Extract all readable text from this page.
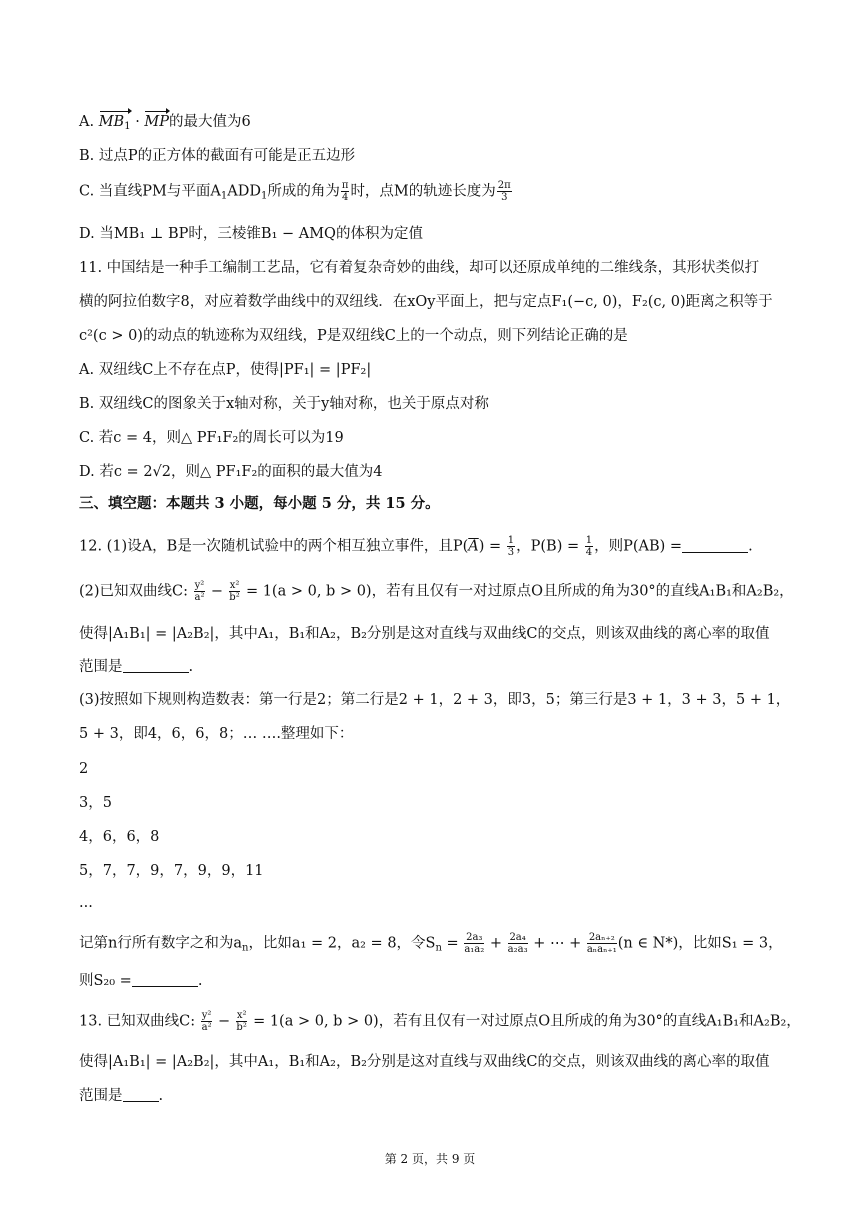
A. $MB_1$ · MP的最大值为6
B. 过点P的正方体的截面有可能是正五边形
C. 当直线PM与平面$A_1ADD_1$所成的角为 $\frac{\pi}{4}$ 时，点M的轨迹长度为 $\frac{2\pi}{3}$
D. 当MB₁ ⊥ BP时，三棱锥B₁ − AMQ的体积为定值
11. 中国结是一种手工编制工艺品，它有着复杂奇妙的曲线，却可以还原成单纯的二维线条，其形状类似打
横的阿拉伯数字8，对应着数学曲线中的双纽线．在xOy平面上，把与定点F₁(−c, 0)，F₂(c, 0)距离之积等于
c²(c > 0)的动点的轨迹称为双纽线，P是双纽线C上的一个动点，则下列结论正确的是
A. 双纽线C上不存在点P，使得|PF₁| = |PF₂|
B. 双纽线C的图象关于x轴对称，关于y轴对称，也关于原点对称
C. 若c = 4，则△ PF₁F₂的周长可以为19
D. 若c = 2√2，则△ PF₁F₂的面积的最大值为4
三、填空题：本题共 3 小题，每小题 5 分，共 15 分。
12. (1)设A，B是一次随机试验中的两个相互独立事件，且$P(\overline{A}) = \frac{1}{3}$ ，$P(B) = \frac{1}{4}$ ，则P(AB) =	.
(2)已知双曲线C: $\frac{\text{y²}}{\text{a²}} - \frac{\text{x²}}{\text{b²}} = 1(a > 0$, b > 0)，若有且仅有一对过原点O且所成的角为30°的直线A₁B₁和A₂B₂，
使得|A₁B₁| = |A₂B₂|，其中A₁，B₁和A₂，B₂分别是这对直线与双曲线C的交点，则该双曲线的离心率的取值
范围是	.
(3)按照如下规则构造数表：第一行是2；第二行是2 + 1，2 + 3，即3，5；第三行是3 + 1，3 + 3，5 + 1，
5 + 3，即4，6，6，8；… ….整理如下：
2
3，5
4，6，6，8
5，7，7，9，7，9，9，11
...
记第n行所有数字之和为$a_n$，比如a₁ = 2，a₂ = 8，令$S_n = \frac{\text{2a₃}}{\text{a₁a₂}} + \frac{\text{2a₄}}{\text{a₂a₃}}$ + ⋯ + $\frac{\text{2aₙ₊₂}}{\text{aₙaₙ₊₁}} (n$ ∈ N*)，比如S₁ = 3，
则S₂₀ =	.
13. 已知双曲线C: $\frac{\text{y²}}{\text{a²}} - \frac{\text{x²}}{\text{b²}} = 1(a > 0$, b > 0)，若有且仅有一对过原点O且所成的角为30°的直线A₁B₁和A₂B₂，
使得|A₁B₁| = |A₂B₂|，其中A₁，B₁和A₂，B₂分别是这对直线与双曲线C的交点，则该双曲线的离心率的取值
范围是 .
第 2 页，共 9 页
